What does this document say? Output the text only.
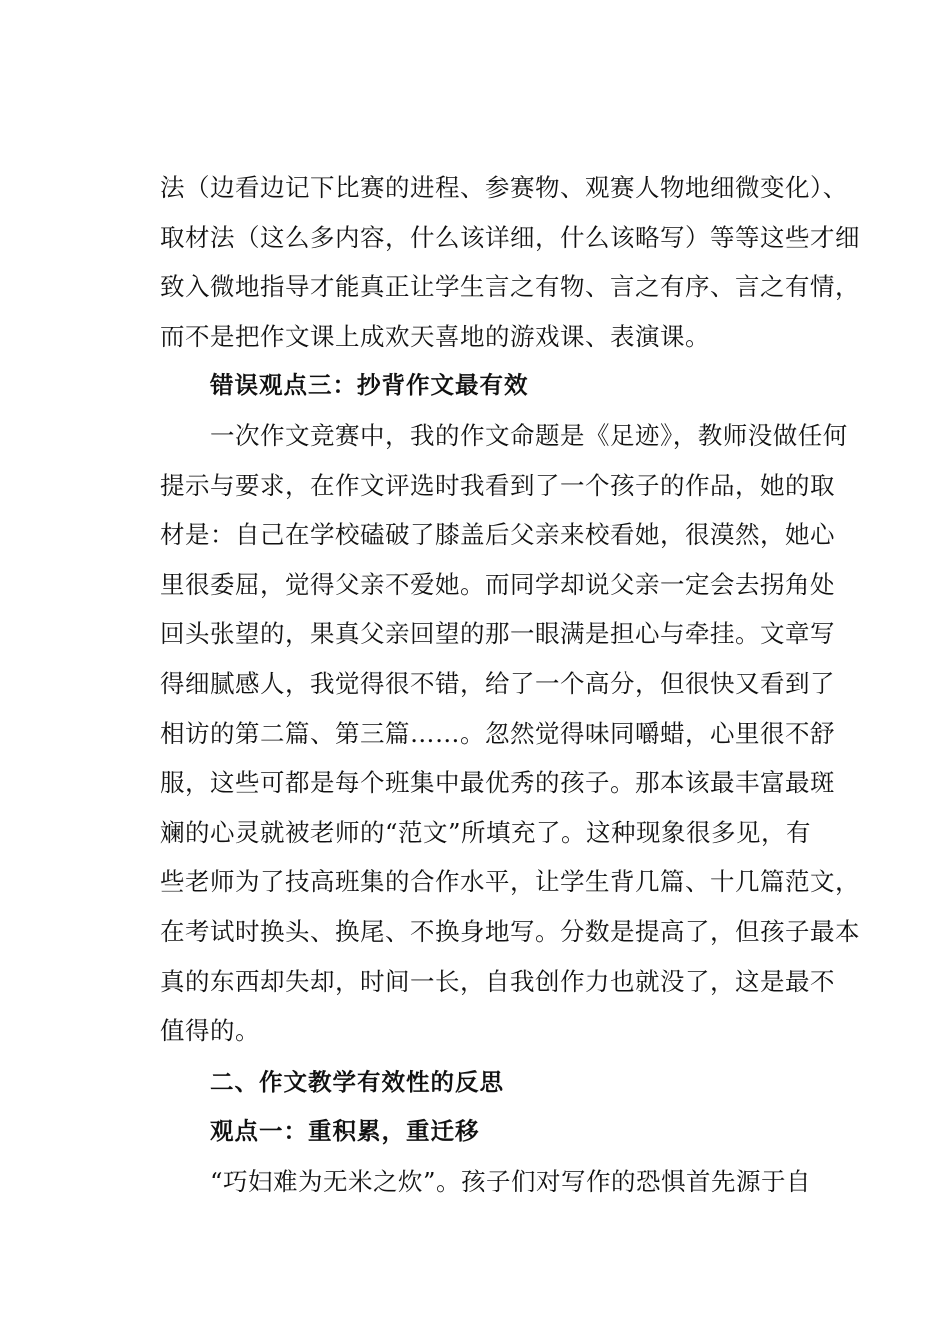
法（边看边记下比赛的进程、参赛物、观赛人物地细微变化）、
取材法（这么多内容，什么该详细，什么该略写）等等这些才细
致入微地指导才能真正让学生言之有物、言之有序、言之有情，
而不是把作文课上成欢天喜地的游戏课、表演课。
错误观点三：抄背作文最有效
一次作文竞赛中，我的作文命题是《足迹》，教师没做任何
提示与要求，在作文评选时我看到了一个孩子的作品，她的取
材是：自己在学校磕破了膝盖后父亲来校看她，很漠然，她心
里很委屈，觉得父亲不爱她。而同学却说父亲一定会去拐角处
回头张望的，果真父亲回望的那一眼满是担心与牵挂。文章写
得细腻感人，我觉得很不错，给了一个高分，但很快又看到了
相访的第二篇、第三篇……。忽然觉得味同嚼蜡，心里很不舒
服，这些可都是每个班集中最优秀的孩子。那本该最丰富最斑
斓的心灵就被老师的“范文”所填充了。这种现象很多见，有
些老师为了技高班集的合作水平，让学生背几篇、十几篇范文，
在考试时换头、换尾、不换身地写。分数是提高了，但孩子最本
真的东西却失却，时间一长，自我创作力也就没了，这是最不
值得的。
二、作文教学有效性的反思
观点一：重积累，重迁移
“巧妇难为无米之炊”。孩子们对写作的恐惧首先源于自
